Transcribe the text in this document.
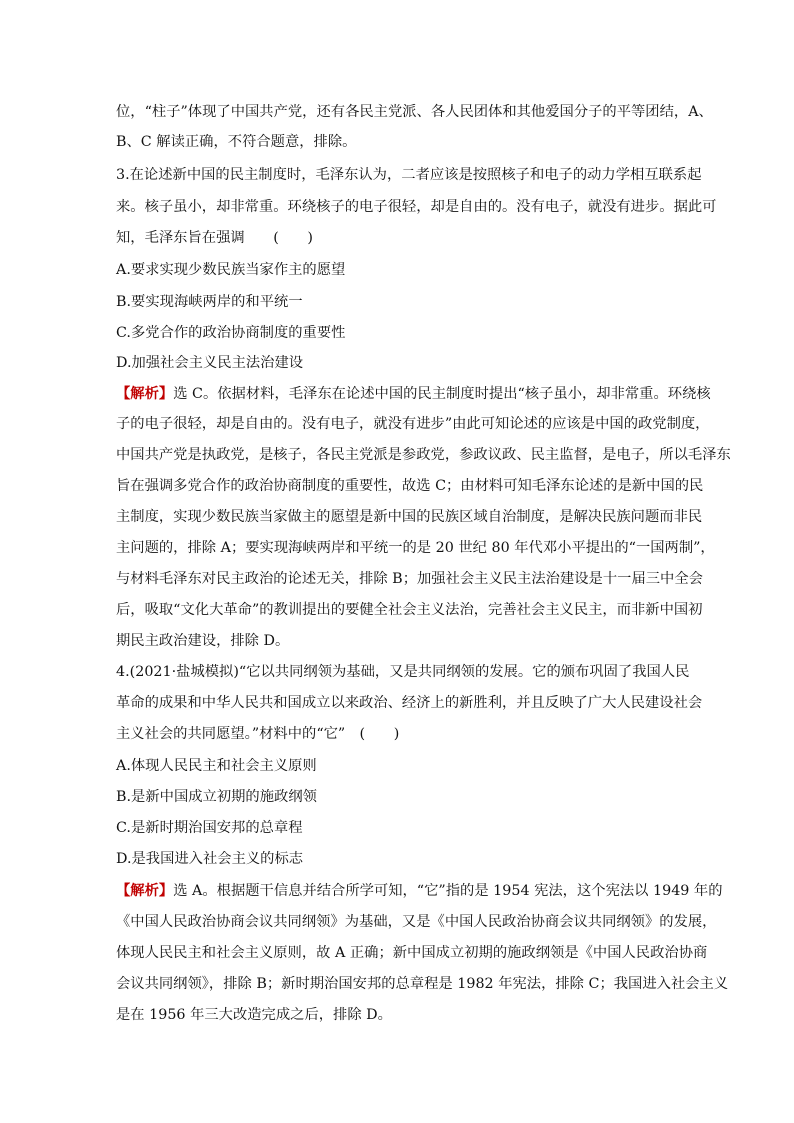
位，“柱子”体现了中国共产党，还有各民主党派、各人民团体和其他爱国分子的平等团结，A、
B、C 解读正确，不符合题意，排除。
3.在论述新中国的民主制度时，毛泽东认为，二者应该是按照核子和电子的动力学相互联系起
来。核子虽小，却非常重。环绕核子的电子很轻，却是自由的。没有电子，就没有进步。据此可
知，毛泽东旨在强调　　(　　)
A.要求实现少数民族当家作主的愿望
B.要实现海峡两岸的和平统一
C.多党合作的政治协商制度的重要性
D.加强社会主义民主法治建设
【解析】选 C。依据材料，毛泽东在论述中国的民主制度时提出“核子虽小，却非常重。环绕核
子的电子很轻，却是自由的。没有电子，就没有进步”由此可知论述的应该是中国的政党制度，
中国共产党是执政党，是核子，各民主党派是参政党，参政议政、民主监督，是电子，所以毛泽东
旨在强调多党合作的政治协商制度的重要性，故选 C；由材料可知毛泽东论述的是新中国的民
主制度，实现少数民族当家做主的愿望是新中国的民族区域自治制度，是解决民族问题而非民
主问题的，排除 A；要实现海峡两岸和平统一的是 20 世纪 80 年代邓小平提出的“一国两制”，
与材料毛泽东对民主政治的论述无关，排除 B；加强社会主义民主法治建设是十一届三中全会
后，吸取“文化大革命”的教训提出的要健全社会主义法治，完善社会主义民主，而非新中国初
期民主政治建设，排除 D。
4.(2021·盐城模拟)“它以共同纲领为基础，又是共同纲领的发展。它的颁布巩固了我国人民
革命的成果和中华人民共和国成立以来政治、经济上的新胜利，并且反映了广大人民建设社会
主义社会的共同愿望。”材料中的“它”　(　　)
A.体现人民民主和社会主义原则
B.是新中国成立初期的施政纲领
C.是新时期治国安邦的总章程
D.是我国进入社会主义的标志
【解析】选 A。根据题干信息并结合所学可知，“它”指的是 1954 宪法，这个宪法以 1949 年的
《中国人民政治协商会议共同纲领》为基础，又是《中国人民政治协商会议共同纲领》的发展，
体现人民民主和社会主义原则，故 A 正确；新中国成立初期的施政纲领是《中国人民政治协商
会议共同纲领》，排除 B；新时期治国安邦的总章程是 1982 年宪法，排除 C；我国进入社会主义
是在 1956 年三大改造完成之后，排除 D。
